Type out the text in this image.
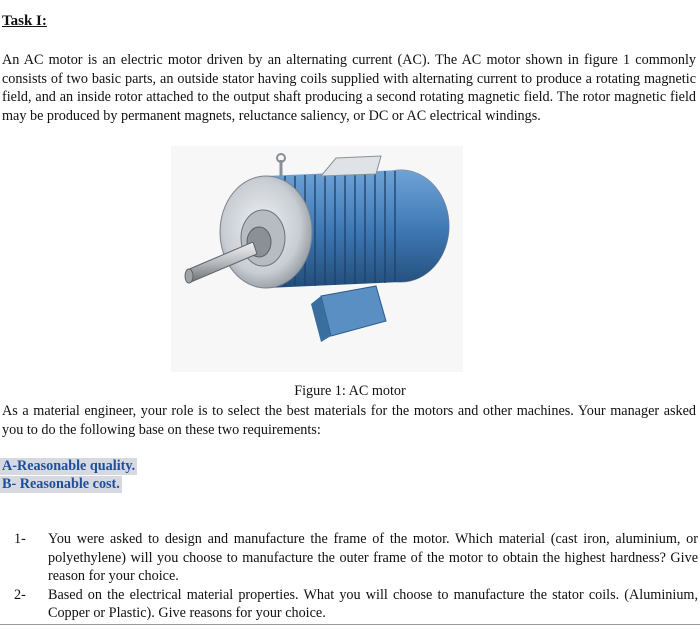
Task I:

An AC motor is an electric motor driven by an alternating current (AC). The AC motor shown in figure 1 commonly consists of two basic parts, an outside stator having coils supplied with alternating current to produce a rotating magnetic field, and an inside rotor attached to the output shaft producing a second rotating magnetic field. The rotor magnetic field may be produced by permanent magnets, reluctance saliency, or DC or AC electrical windings.

Figure 1: AC motor

As a material engineer, your role is to select the best materials for the motors and other machines. Your manager asked you to do the following base on these two requirements:

A-Reasonable quality.
B- Reasonable cost.
1-	You were asked to design and manufacture the frame of the motor. Which material (cast iron, aluminium, or polyethylene) will you choose to manufacture the outer frame of the motor to obtain the highest hardness? Give reason for your choice.
2-	Based on the electrical material properties. What you will choose to manufacture the stator coils. (Aluminium, Copper or Plastic). Give reasons for your choice.
